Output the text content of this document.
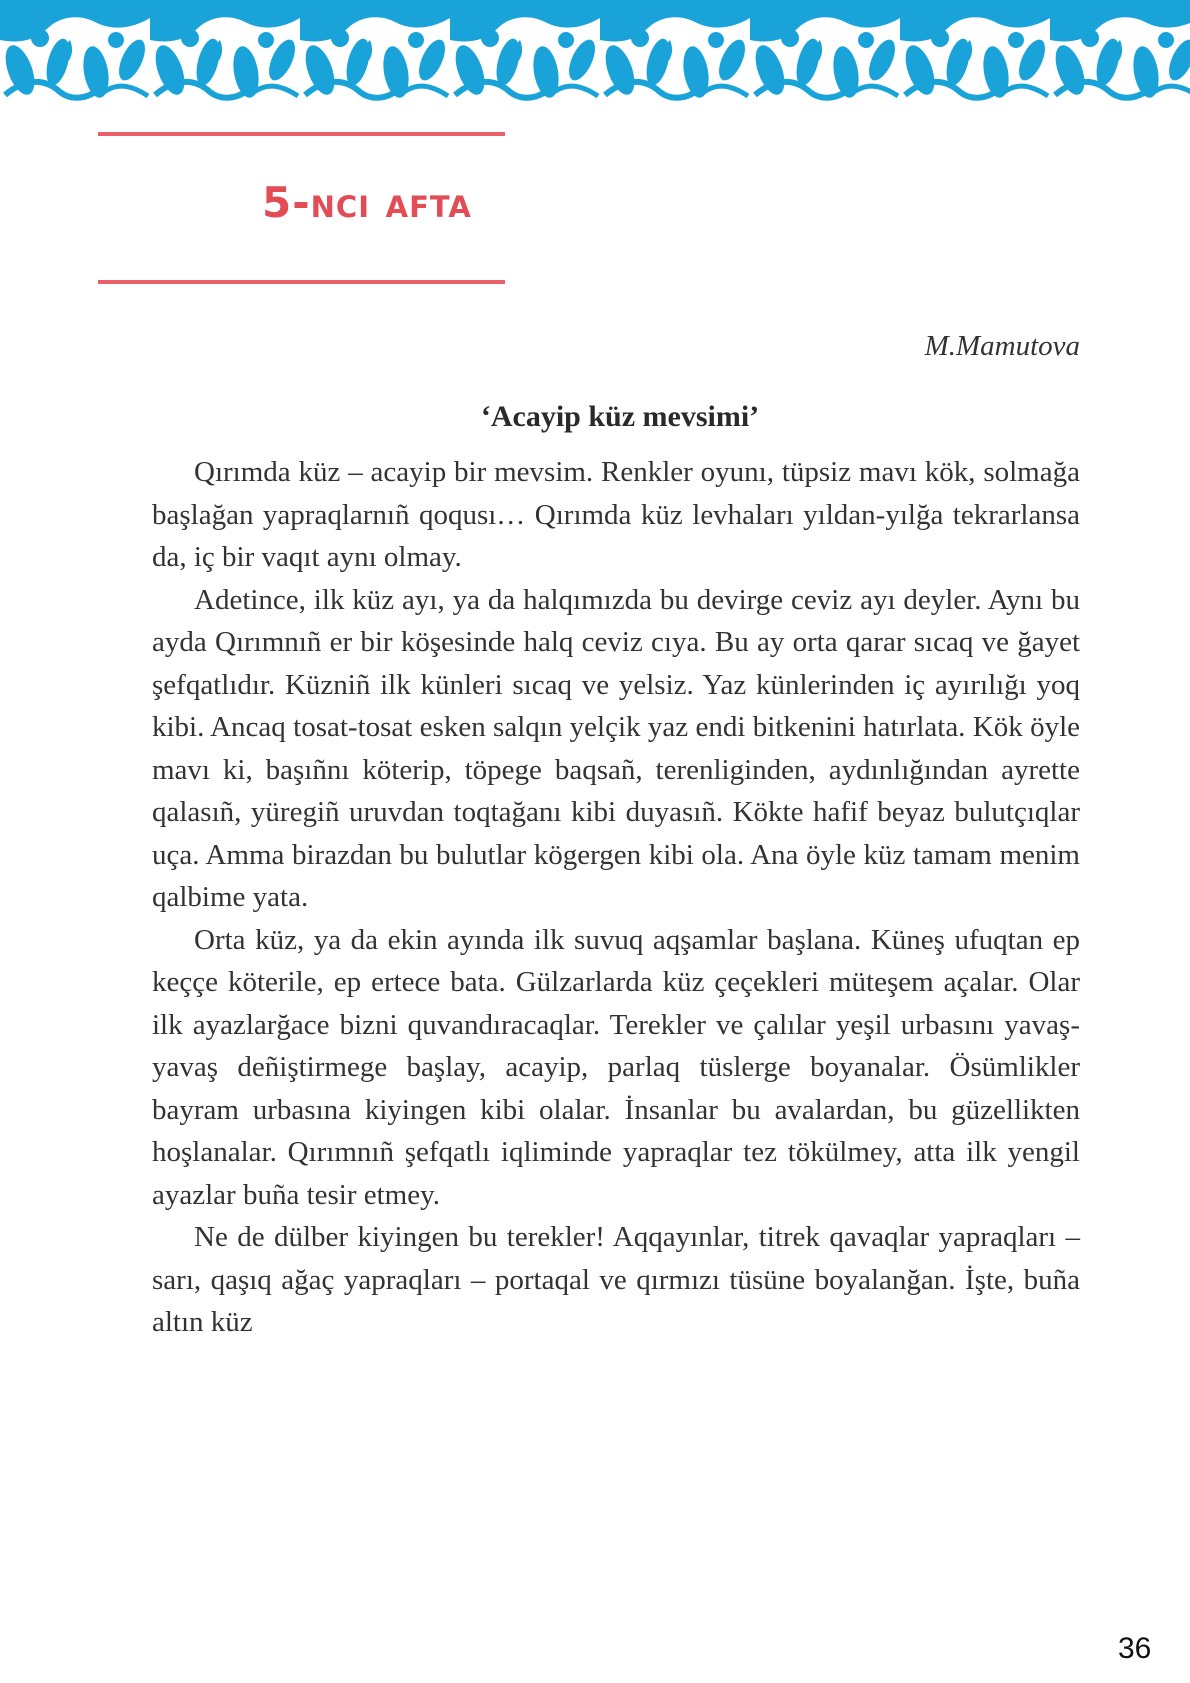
5-nci afta
M.Mamutova
‘Acayip küz mevsimi’

Qırımda küz – acayip bir mevsim. Renkler oyunı, tüpsiz mavı kök, solmağa başlağan yapraqlarnıñ qoqusı… Qırımda küz levhaları yıldan-yılğa tekrarlansa da, iç bir vaqıt aynı olmay.

Adetince, ilk küz ayı, ya da halqımızda bu devirge ceviz ayı deyler. Aynı bu ayda Qırımnıñ er bir köşesinde halq ceviz cıya. Bu ay orta qarar sıcaq ve ğayet şefqatlıdır. Küzniñ ilk künleri sıcaq ve yelsiz. Yaz künlerinden iç ayırılığı yoq kibi. Ancaq tosat-tosat esken salqın yelçik yaz endi bitkenini hatırlata. Kök öyle mavı ki, başıñnı köterip, töpege baqsañ, terenliginden, aydınlığından ayrette qalasıñ, yüregiñ uruvdan toqtağanı kibi duyasıñ. Kökte hafif beyaz bulutçıqlar uça. Amma birazdan bu bulutlar kögergen kibi ola. Ana öyle küz tamam menim qalbime yata.

Orta küz, ya da ekin ayında ilk suvuq aqşamlar başlana. Küneş ufuqtan ep keççe köterile, ep ertece bata. Gülzarlarda küz çeçekleri müteşem açalar. Olar ilk ayazlarğace bizni quvandıracaqlar. Terekler ve çalılar yeşil urbasını yavaş-yavaş deñiştirmege başlay, acayip, parlaq tüslerge boyanalar. Ösümlikler bayram urbasına kiyingen kibi olalar. İnsanlar bu avalardan, bu güzellikten hoşlanalar. Qırımnıñ şefqatlı iqliminde yapraqlar tez tökülmey, atta ilk yengil ayazlar buña tesir etmey.

Ne de dülber kiyingen bu terekler! Aqqayınlar, titrek qavaqlar yapraqları – sarı, qaşıq ağaç yapraqları – portaqal ve qırmızı tüsüne boyalanğan. İşte, buña altın küz

36
